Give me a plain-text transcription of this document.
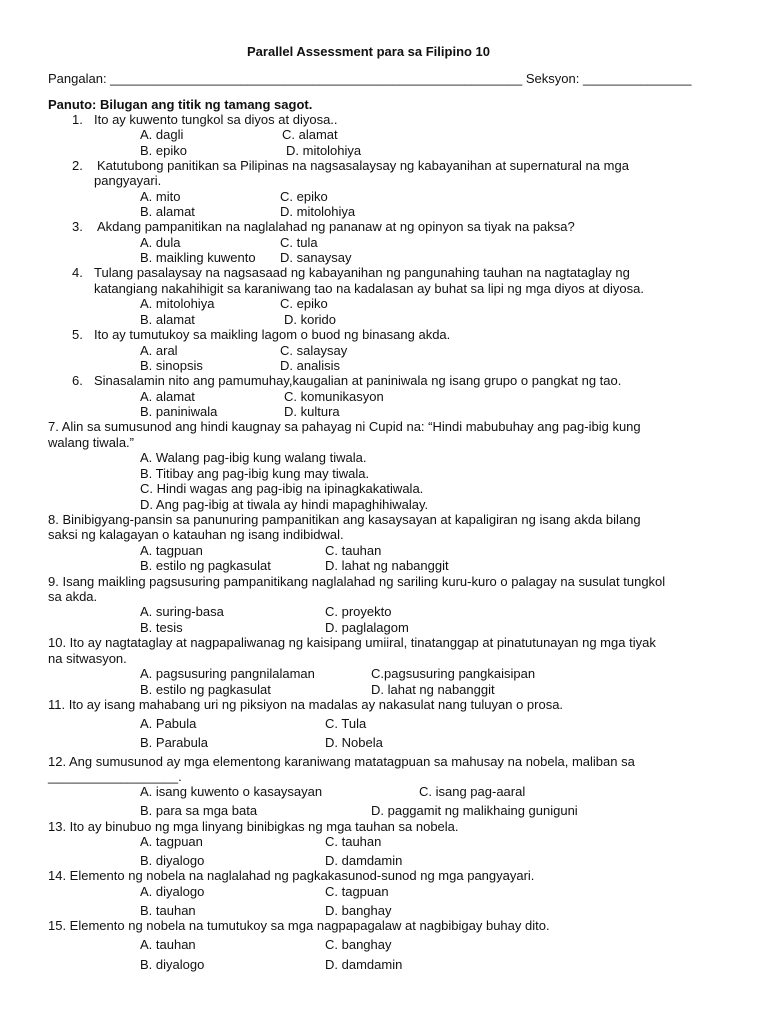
Parallel Assessment para sa Filipino 10
Pangalan: _________________________________________________________ Seksyon: _______________
Panuto: Bilugan ang titik ng tamang sagot.
1. Ito ay kuwento tungkol sa diyos at diyosa..
A. dagli	C. alamat
B. epiko	D. mitolohiya
2. Katutubong panitikan sa Pilipinas na nagsasalaysay ng kabayanihan at supernatural na mga
pangyayari.
A. mito	C. epiko
B. alamat	D. mitolohiya
3. Akdang pampanitikan na naglalahad ng pananaw at ng opinyon sa tiyak na paksa?
A. dula	C. tula
B. maikling kuwento D. sanaysay
4. Tulang pasalaysay na nagsasaad ng kabayanihan ng pangunahing tauhan na nagtataglay ng
katangiang nakahihigit sa karaniwang tao na kadalasan ay buhat sa lipi ng mga diyos at diyosa.
A. mitolohiya	C. epiko
B. alamat	D. korido
5. Ito ay tumutukoy sa maikling lagom o buod ng binasang akda.
A. aral	C. salaysay
B. sinopsis	D. analisis
6. Sinasalamin nito ang pamumuhay,kaugalian at paniniwala ng isang grupo o pangkat ng tao.
A. alamat	C. komunikasyon
B. paniniwala	D. kultura
7. Alin sa sumusunod ang hindi kaugnay sa pahayag ni Cupid na: “Hindi mabubuhay ang pag-ibig kung
walang tiwala.”
A. Walang pag-ibig kung walang tiwala.
B. Titibay ang pag-ibig kung may tiwala.
C. Hindi wagas ang pag-ibig na ipinagkakatiwala.
D. Ang pag-ibig at tiwala ay hindi mapaghihiwalay.
8. Binibigyang-pansin sa panunuring pampanitikan ang kasaysayan at kapaligiran ng isang akda bilang
saksi ng kalagayan o katauhan ng isang indibidwal.
A. tagpuan	C. tauhan
B. estilo ng pagkasulat	D. lahat ng nabanggit
9. Isang maikling pagsusuring pampanitikang naglalahad ng sariling kuru-kuro o palagay na susulat tungkol
sa akda.
A. suring-basa	C. proyekto
B. tesis	D. paglalagom
10. Ito ay nagtataglay at nagpapaliwanag ng kaisipang umiiral, tinatanggap at pinatutunayan ng mga tiyak
na sitwasyon.
A. pagsusuring pangnilalaman	C.pagsusuring pangkaisipan
B. estilo ng pagkasulat	D. lahat ng nabanggit
11. Ito ay isang mahabang uri ng piksiyon na madalas ay nakasulat nang tuluyan o prosa.
A. Pabula	C. Tula
B. Parabula	D. Nobela
12. Ang sumusunod ay mga elementong karaniwang matatagpuan sa mahusay na nobela, maliban sa
__________________.
A. isang kuwento o kasaysayan	C. isang pag-aaral
B. para sa mga bata	D. paggamit ng malikhaing guniguni
13. Ito ay binubuo ng mga linyang binibigkas ng mga tauhan sa nobela.
A. tagpuan	C. tauhan
B. diyalogo	D. damdamin
14. Elemento ng nobela na naglalahad ng pagkakasunod-sunod ng mga pangyayari.
A. diyalogo	C. tagpuan
B. tauhan	D. banghay
15. Elemento ng nobela na tumutukoy sa mga nagpapagalaw at nagbibigay buhay dito.
A. tauhan	C. banghay
B. diyalogo	D. damdamin
